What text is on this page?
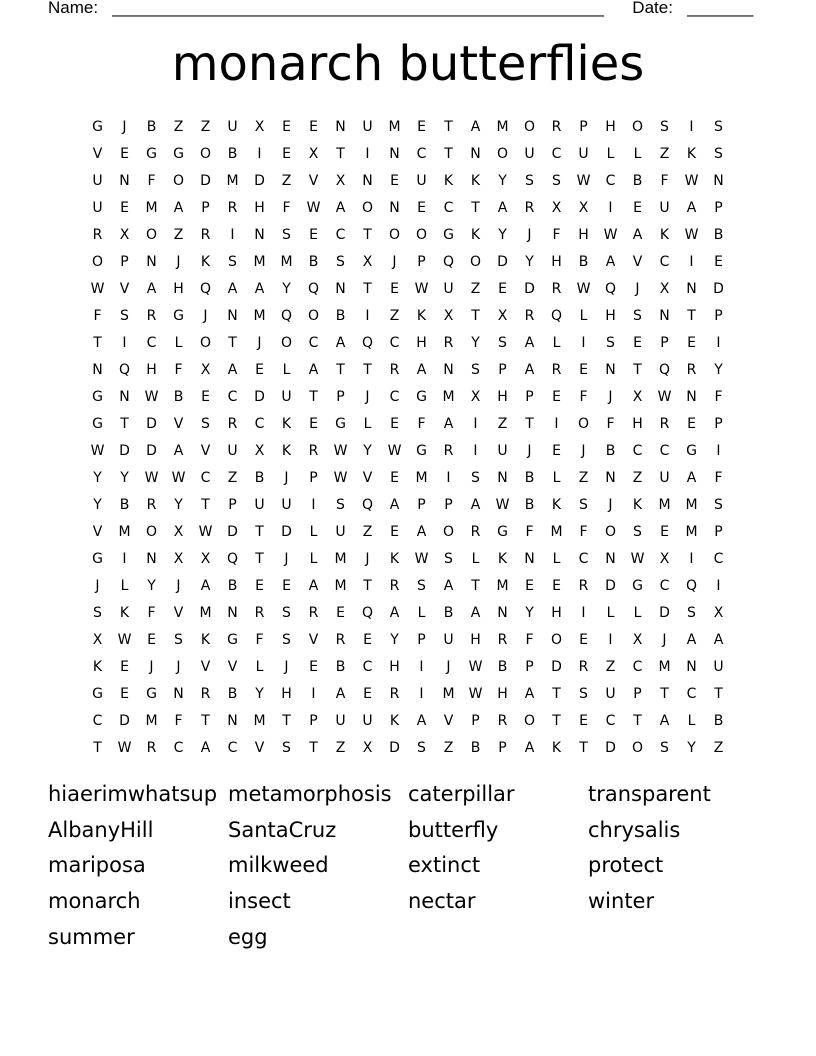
Name: ____________________________________________________ Date: _______
monarch butterflies
G	J	B	Z	Z	U	X	E	E	N	U	M	E	T	A	M	O	R	P	H	O	S	I	S
V	E	G	G	O	B	I	E	X	T	I	N	C	T	N	O	U	C	U	L	L	Z	K	S
U	N	F	O	D	M	D	Z	V	X	N	E	U	K	K	Y	S	S	W	C	B	F	W	N
U	E	M	A	P	R	H	F	W	A	O	N	E	C	T	A	R	X	X	I	E	U	A	P
R	X	O	Z	R	I	N	S	E	C	T	O	O	G	K	Y	J	F	H	W	A	K	W	B
O	P	N	J	K	S	M	M	B	S	X	J	P	Q	O	D	Y	H	B	A	V	C	I	E
W	V	A	H	Q	A	A	Y	Q	N	T	E	W	U	Z	E	D	R	W	Q	J	X	N	D
F	S	R	G	J	N	M	Q	O	B	I	Z	K	X	T	X	R	Q	L	H	S	N	T	P
T	I	C	L	O	T	J	O	C	A	Q	C	H	R	Y	S	A	L	I	S	E	P	E	I
N	Q	H	F	X	A	E	L	A	T	T	R	A	N	S	P	A	R	E	N	T	Q	R	Y
G	N	W	B	E	C	D	U	T	P	J	C	G	M	X	H	P	E	F	J	X	W	N	F
G	T	D	V	S	R	C	K	E	G	L	E	F	A	I	Z	T	I	O	F	H	R	E	P
W	D	D	A	V	U	X	K	R	W	Y	W	G	R	I	U	J	E	J	B	C	C	G	I
Y	Y	W W	C	Z	B	J	P	W	V	E	M	I	S	N	B	L	Z	N	Z	U	A	F
Y	B	R	Y	T	P	U	U	I	S	Q	A	P	P	A	W	B	K	S	J	K	M	M	S
V	M	O	X	W	D	T	D	L	U	Z	E	A	O	R	G	F	M	F	O	S	E	M	P
G	I	N	X	X	Q	T	J	L	M	J	K	W	S	L	K	N	L	C	N	W	X	I	C
J	L	Y	J	A	B	E	E	A	M	T	R	S	A	T	M	E	E	R	D	G	C	Q	I
S	K	F	V	M	N	R	S	R	E	Q	A	L	B	A	N	Y	H	I	L	L	D	S	X
X	W	E	S	K	G	F	S	V	R	E	Y	P	U	H	R	F	O	E	I	X	J	A	A
K	E	J	J	V	V	L	J	E	B	C	H	I	J	W	B	P	D	R	Z	C	M	N	U
G	E	G	N	R	B	Y	H	I	A	E	R	I	M	W	H	A	T	S	U	P	T	C	T
C	D	M	F	T	N	M	T	P	U	U	K	A	V	P	R	O	T	E	C	T	A	L	B
T	W	R	C	A	C	V	S	T	Z	X	D	S	Z	B	P	A	K	T	D	O	S	Y	Z
hiaerimwhatsup metamorphosis caterpillar	transparent
AlbanyHill	SantaCruz	butterfly	chrysalis
mariposa	milkweed	extinct	protect
monarch	insect	nectar	winter
summer	egg
